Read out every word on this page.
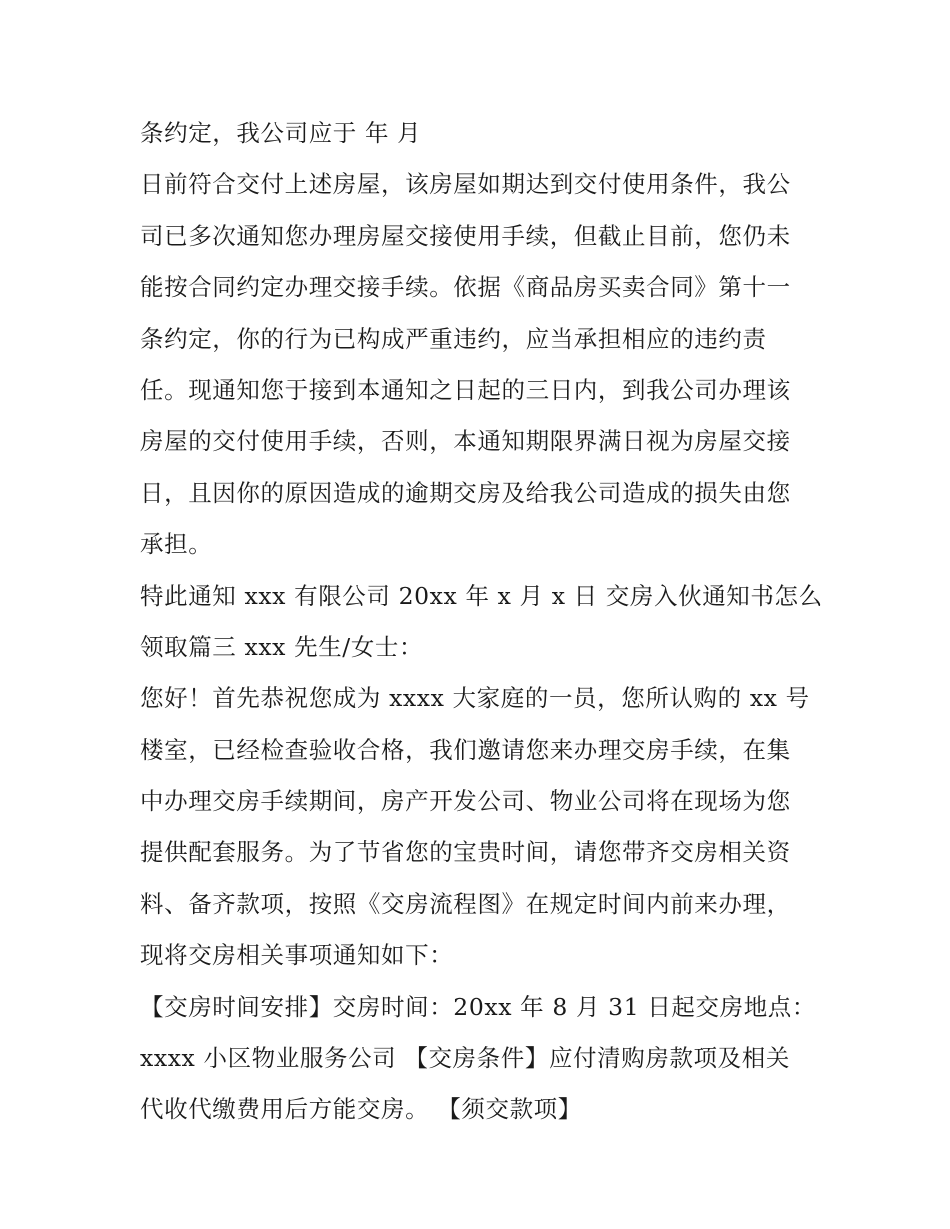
条约定，我公司应于 年 月
日前符合交付上述房屋，该房屋如期达到交付使用条件，我公
司已多次通知您办理房屋交接使用手续，但截止目前，您仍未
能按合同约定办理交接手续。依据《商品房买卖合同》第十一
条约定，你的行为已构成严重违约，应当承担相应的违约责
任。现通知您于接到本通知之日起的三日内，到我公司办理该
房屋的交付使用手续，否则，本通知期限界满日视为房屋交接
日，且因你的原因造成的逾期交房及给我公司造成的损失由您
承担。
特此通知 xxx 有限公司 20xx 年 x 月 x 日 交房入伙通知书怎么
领取篇三 xxx 先生/女士：
您好！首先恭祝您成为 xxxx 大家庭的一员，您所认购的 xx 号
楼室，已经检查验收合格，我们邀请您来办理交房手续，在集
中办理交房手续期间，房产开发公司、物业公司将在现场为您
提供配套服务。为了节省您的宝贵时间，请您带齐交房相关资
料、备齐款项，按照《交房流程图》在规定时间内前来办理，
现将交房相关事项通知如下：
【交房时间安排】交房时间：20xx 年 8 月 31 日起交房地点：
xxxx 小区物业服务公司 【交房条件】应付清购房款项及相关
代收代缴费用后方能交房。 【须交款项】
